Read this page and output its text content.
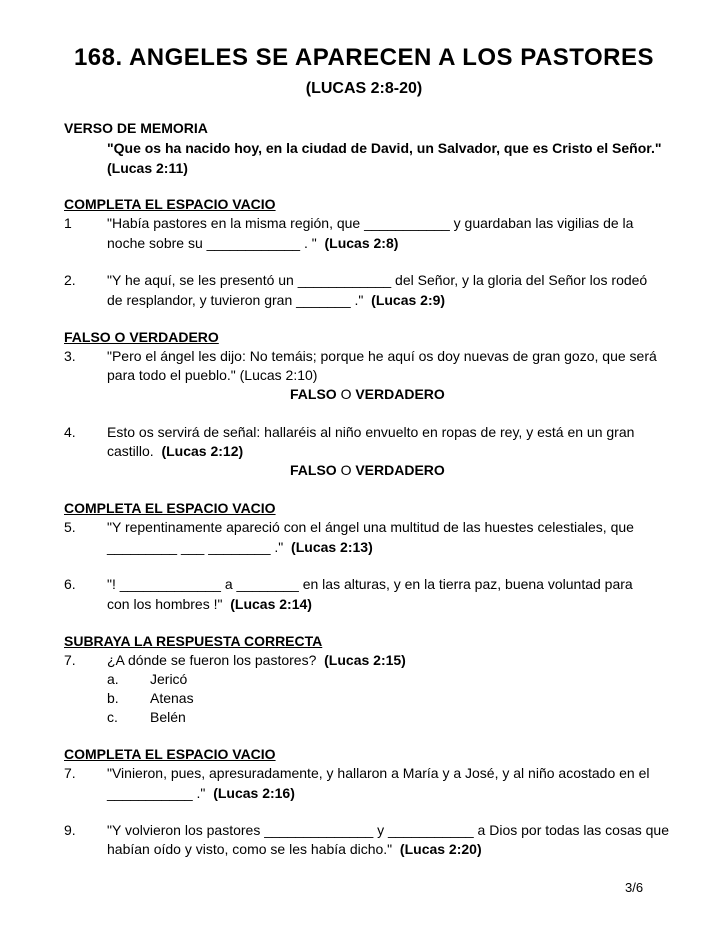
168. ANGELES SE APARECEN A LOS PASTORES
(LUCAS 2:8-20)
VERSO DE MEMORIA
"Que os ha nacido hoy, en la ciudad de David, un Salvador, que es Cristo el Señor."
(Lucas 2:11)
COMPLETA EL ESPACIO VACIO
1	"Había pastores en la misma región, que ___________ y guardaban las vigilias de la
noche sobre su ____________ . " (Lucas 2:8)
2. "Y he aquí, se les presentó un ____________ del Señor, y la gloria del Señor los rodeó
de resplandor, y tuvieron gran _______ ." (Lucas 2:9)
FALSO O VERDADERO
3. "Pero el ángel les dijo: No temáis; porque he aquí os doy nuevas de gran gozo, que será
para todo el pueblo." (Lucas 2:10)
FALSO O VERDADERO
4. Esto os servirá de señal: hallaréis al niño envuelto en ropas de rey, y está en un gran
castillo. (Lucas 2:12)
FALSO O VERDADERO
COMPLETA EL ESPACIO VACIO
5. "Y repentinamente apareció con el ángel una multitud de las huestes celestiales, que
_________ ___ ________ ." (Lucas 2:13)
6. "! _____________ a ________ en las alturas, y en la tierra paz, buena voluntad para
con los hombres !" (Lucas 2:14)
SUBRAYA LA RESPUESTA CORRECTA
7. ¿A dónde se fueron los pastores? (Lucas 2:15)
a. Jericó
b. Atenas
c. Belén
COMPLETA EL ESPACIO VACIO
7. "Vinieron, pues, apresuradamente, y hallaron a María y a José, y al niño acostado en el
___________ ." (Lucas 2:16)
9. "Y volvieron los pastores ______________ y ___________ a Dios por todas las cosas que
habían oído y visto, como se les había dicho." (Lucas 2:20)
3/6
